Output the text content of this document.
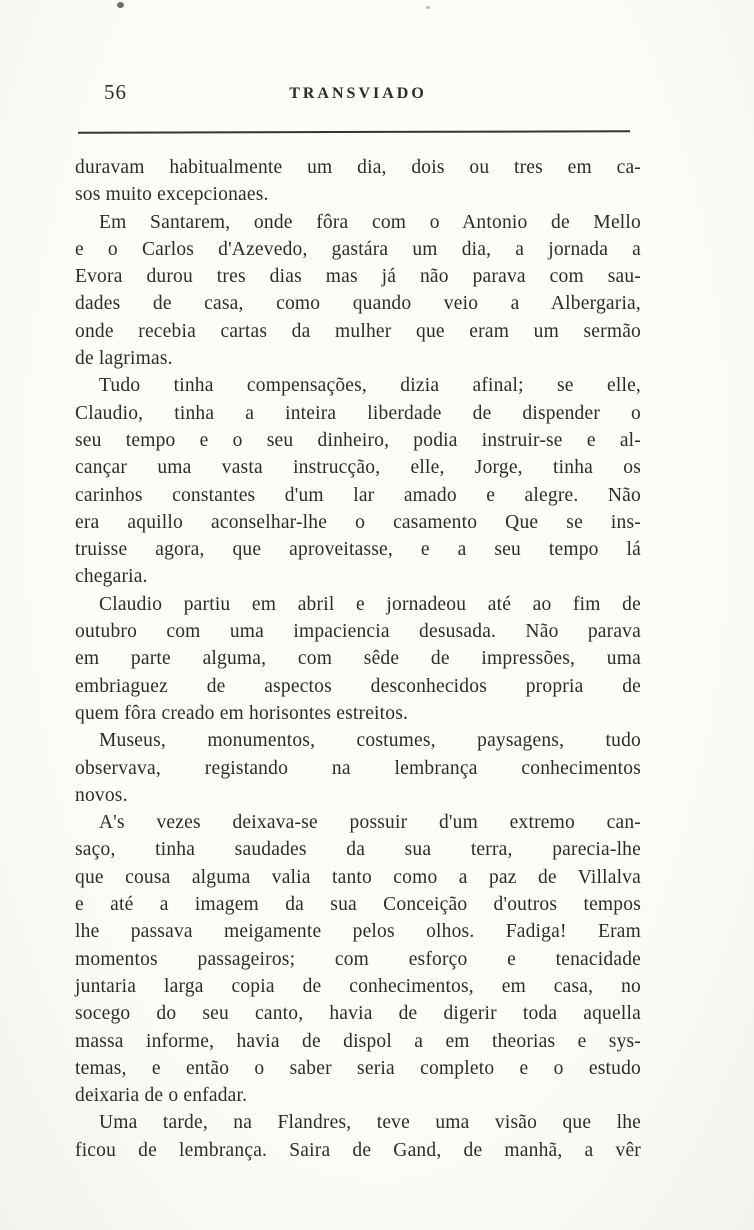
56	TRANSVIADO
duravam habitualmente um dia, dois ou tres em ca-
sos muito excepcionaes.
Em Santarem, onde fôra com o Antonio de Mello
e o Carlos d'Azevedo, gastára um dia, a jornada a
Evora durou tres dias mas já não parava com sau-
dades de casa, como quando veio a Albergaria,
onde recebia cartas da mulher que eram um sermão
de lagrimas.
Tudo tinha compensações, dizia afinal; se elle,
Claudio, tinha a inteira liberdade de dispender o
seu tempo e o seu dinheiro, podia instruir-se e al-
cançar uma vasta instrucção, elle, Jorge, tinha os
carinhos constantes d'um lar amado e alegre. Não
era aquillo aconselhar-lhe o casamento Que se ins-
truisse agora, que aproveitasse, e a seu tempo lá
chegaria.
Claudio partiu em abril e jornadeou até ao fim de
outubro com uma impaciencia desusada. Não parava
em parte alguma, com sêde de impressões, uma
embriaguez de aspectos desconhecidos propria de
quem fôra creado em horisontes estreitos.
Museus, monumentos, costumes, paysagens, tudo
observava, registando na lembrança conhecimentos
novos.
A's vezes deixava-se possuir d'um extremo can-
saço, tinha saudades da sua terra, parecia-lhe
que cousa alguma valia tanto como a paz de Villalva
e até a imagem da sua Conceição d'outros tempos
lhe passava meigamente pelos olhos. Fadiga! Eram
momentos passageiros; com esforço e tenacidade
juntaria larga copia de conhecimentos, em casa, no
socego do seu canto, havia de digerir toda aquella
massa informe, havia de dispol a em theorias e sys-
temas, e então o saber seria completo e o estudo
deixaria de o enfadar.
Uma tarde, na Flandres, teve uma visão que lhe
ficou de lembrança. Saira de Gand, de manhã, a vêr
